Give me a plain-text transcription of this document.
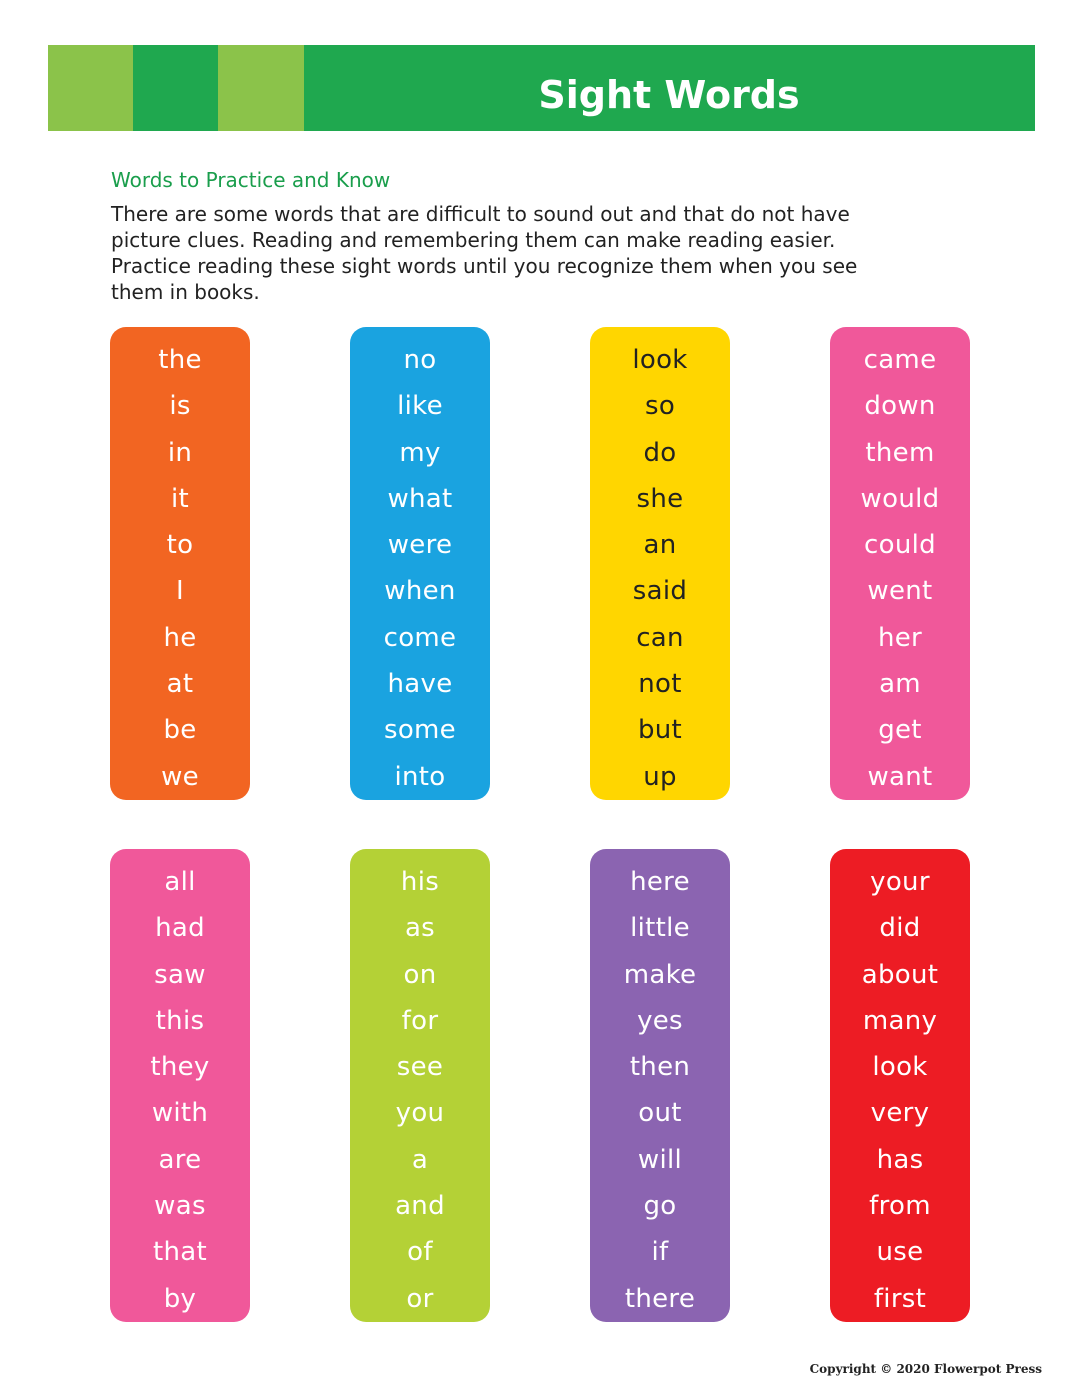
Sight Words
Words to Practice and Know
There are some words that are difficult to sound out and that do not have
picture clues. Reading and remembering them can make reading easier.
Practice reading these sight words until you recognize them when you see
them in books.
the
is
in
it
to
I
he
at
be
we
no
like
my
what
were
when
come
have
some
into
look
so
do
she
an
said
can
not
but
up
came
down
them
would
could
went
her
am
get
want
all
had
saw
this
they
with
are
was
that
by
his
as
on
for
see
you
a
and
of
or
here
little
make
yes
then
out
will
go
if
there
your
did
about
many
look
very
has
from
use
first
Copyright © 2020 Flowerpot Press
